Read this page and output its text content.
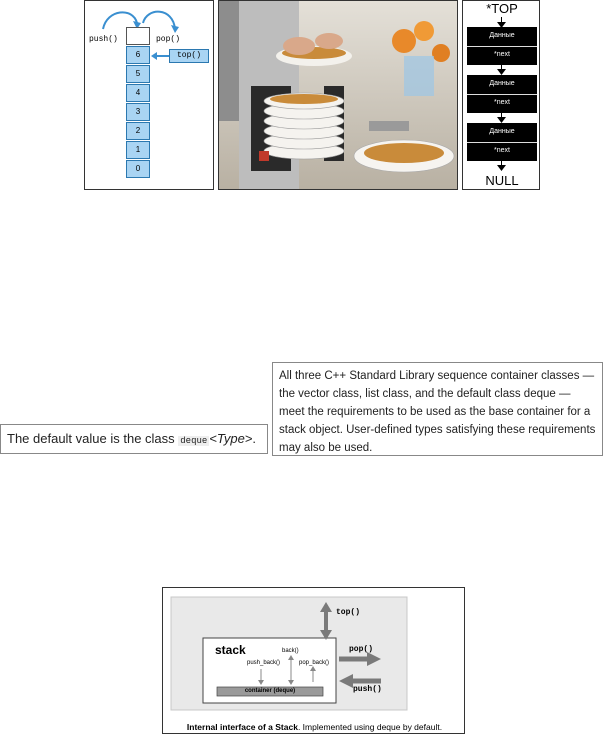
push()	pop()
6
5
4
3
2
1
0
top()
*TOP
Данные
*next
Данные
*next
Данные
*next
NULL
The default value is the class deque <Type>.
All three C++ Standard Library sequence container classes — the vector class, list class, and the default class deque — meet the requirements to be used as the base container for a stack object. User-defined types satisfying these requirements may also be used.
stack
top()
pop()
push()
back()
push_back()	pop_back()
container (deque)
Internal interface of a Stack. Implemented using deque by default.
